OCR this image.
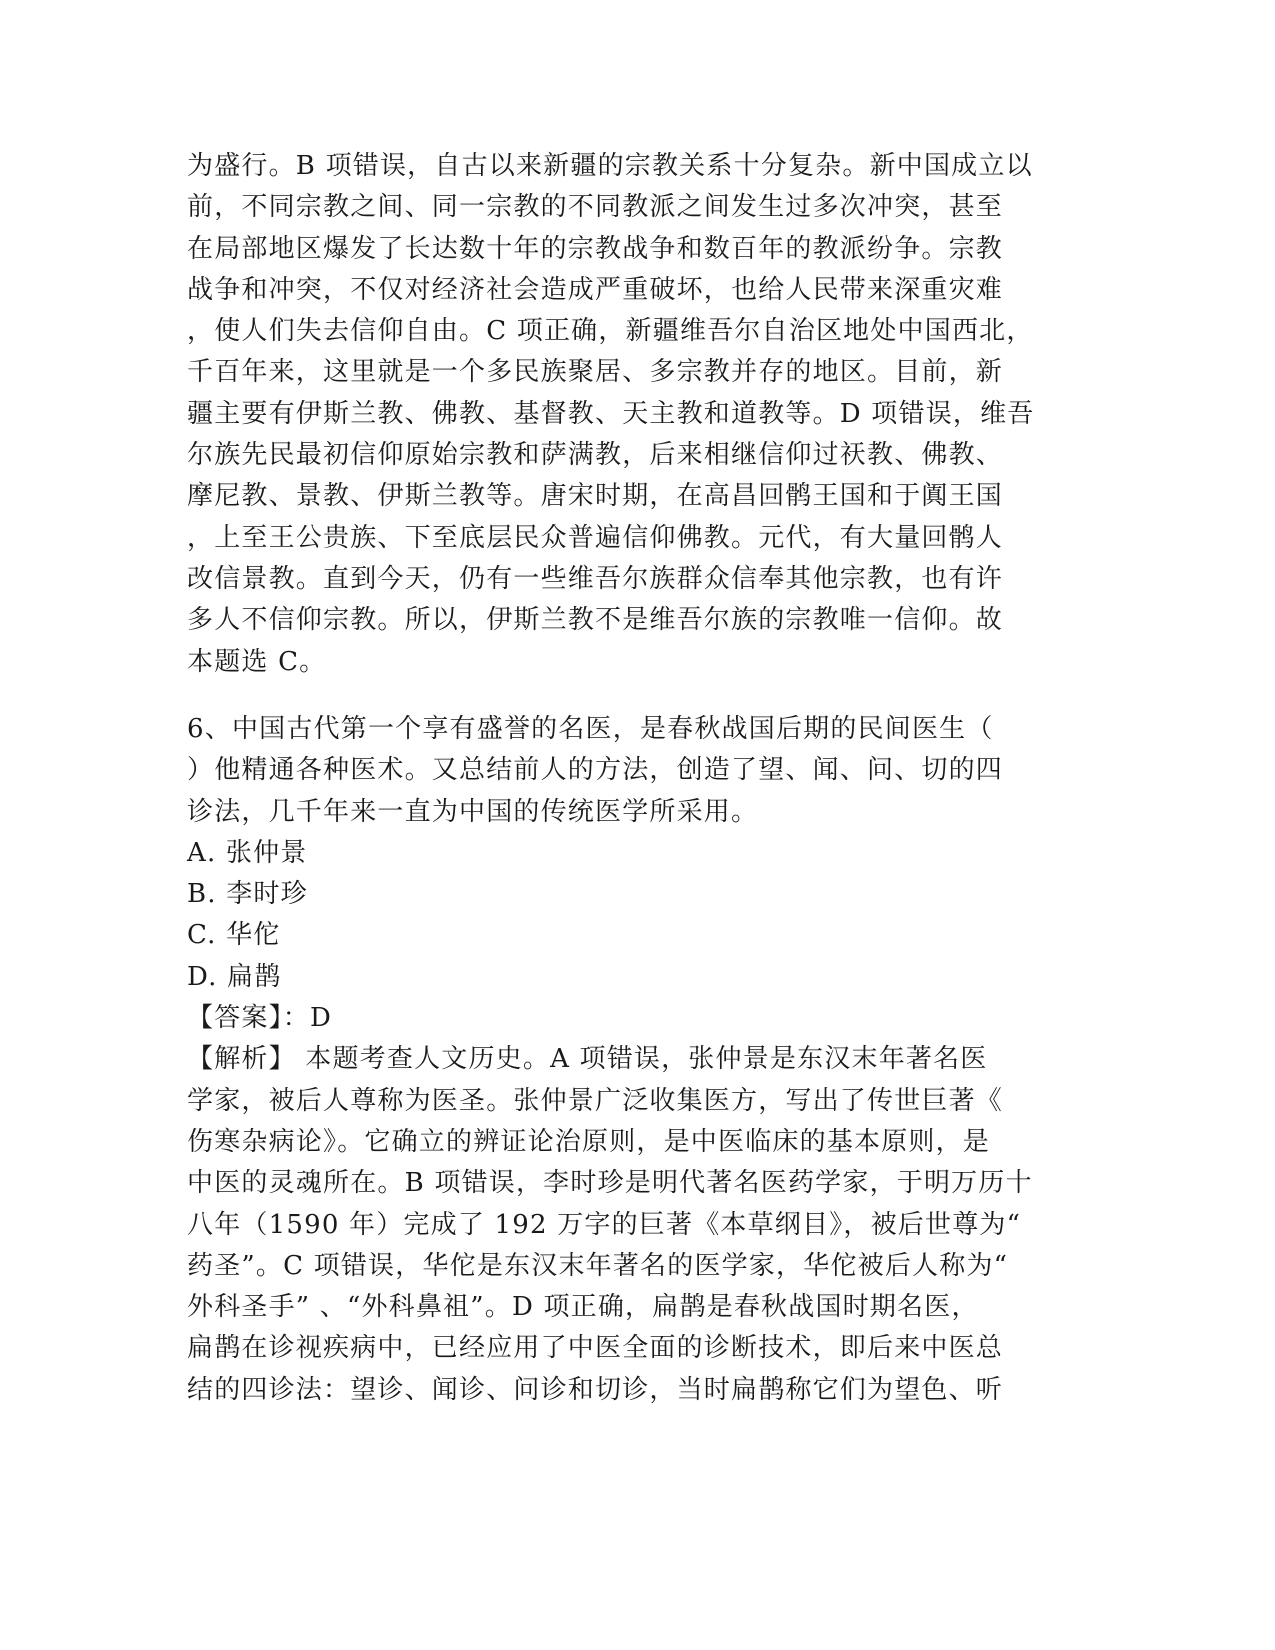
为盛行。B 项错误，自古以来新疆的宗教关系十分复杂。新中国成立以

前，不同宗教之间、同一宗教的不同教派之间发生过多次冲突，甚至

在局部地区爆发了长达数十年的宗教战争和数百年的教派纷争。宗教

战争和冲突，不仅对经济社会造成严重破坏，也给人民带来深重灾难

，使人们失去信仰自由。C 项正确，新疆维吾尔自治区地处中国西北，

千百年来，这里就是一个多民族聚居、多宗教并存的地区。目前，新

疆主要有伊斯兰教、佛教、基督教、天主教和道教等。D 项错误，维吾

尔族先民最初信仰原始宗教和萨满教，后来相继信仰过祆教、佛教、

摩尼教、景教、伊斯兰教等。唐宋时期，在高昌回鹘王国和于阗王国

，上至王公贵族、下至底层民众普遍信仰佛教。元代，有大量回鹘人

改信景教。直到今天，仍有一些维吾尔族群众信奉其他宗教，也有许

多人不信仰宗教。所以，伊斯兰教不是维吾尔族的宗教唯一信仰。故

本题选 C。

6、中国古代第一个享有盛誉的名医，是春秋战国后期的民间医生（

）他精通各种医术。又总结前人的方法，创造了望、闻、问、切的四

诊法，几千年来一直为中国的传统医学所采用。

A. 张仲景

B. 李时珍

C. 华佗

D. 扁鹊

【答案】：D

【解析】 本题考查人文历史。A 项错误，张仲景是东汉末年著名医

学家，被后人尊称为医圣。张仲景广泛收集医方，写出了传世巨著《

伤寒杂病论》。它确立的辨证论治原则，是中医临床的基本原则，是

中医的灵魂所在。B 项错误，李时珍是明代著名医药学家，于明万历十

八年（1590 年）完成了 192 万字的巨著《本草纲目》，被后世尊为“

药圣”。C 项错误，华佗是东汉末年著名的医学家，华佗被后人称为“

外科圣手” 、“外科鼻祖”。D 项正确，扁鹊是春秋战国时期名医，

扁鹊在诊视疾病中，已经应用了中医全面的诊断技术，即后来中医总

结的四诊法：望诊、闻诊、问诊和切诊，当时扁鹊称它们为望色、听
